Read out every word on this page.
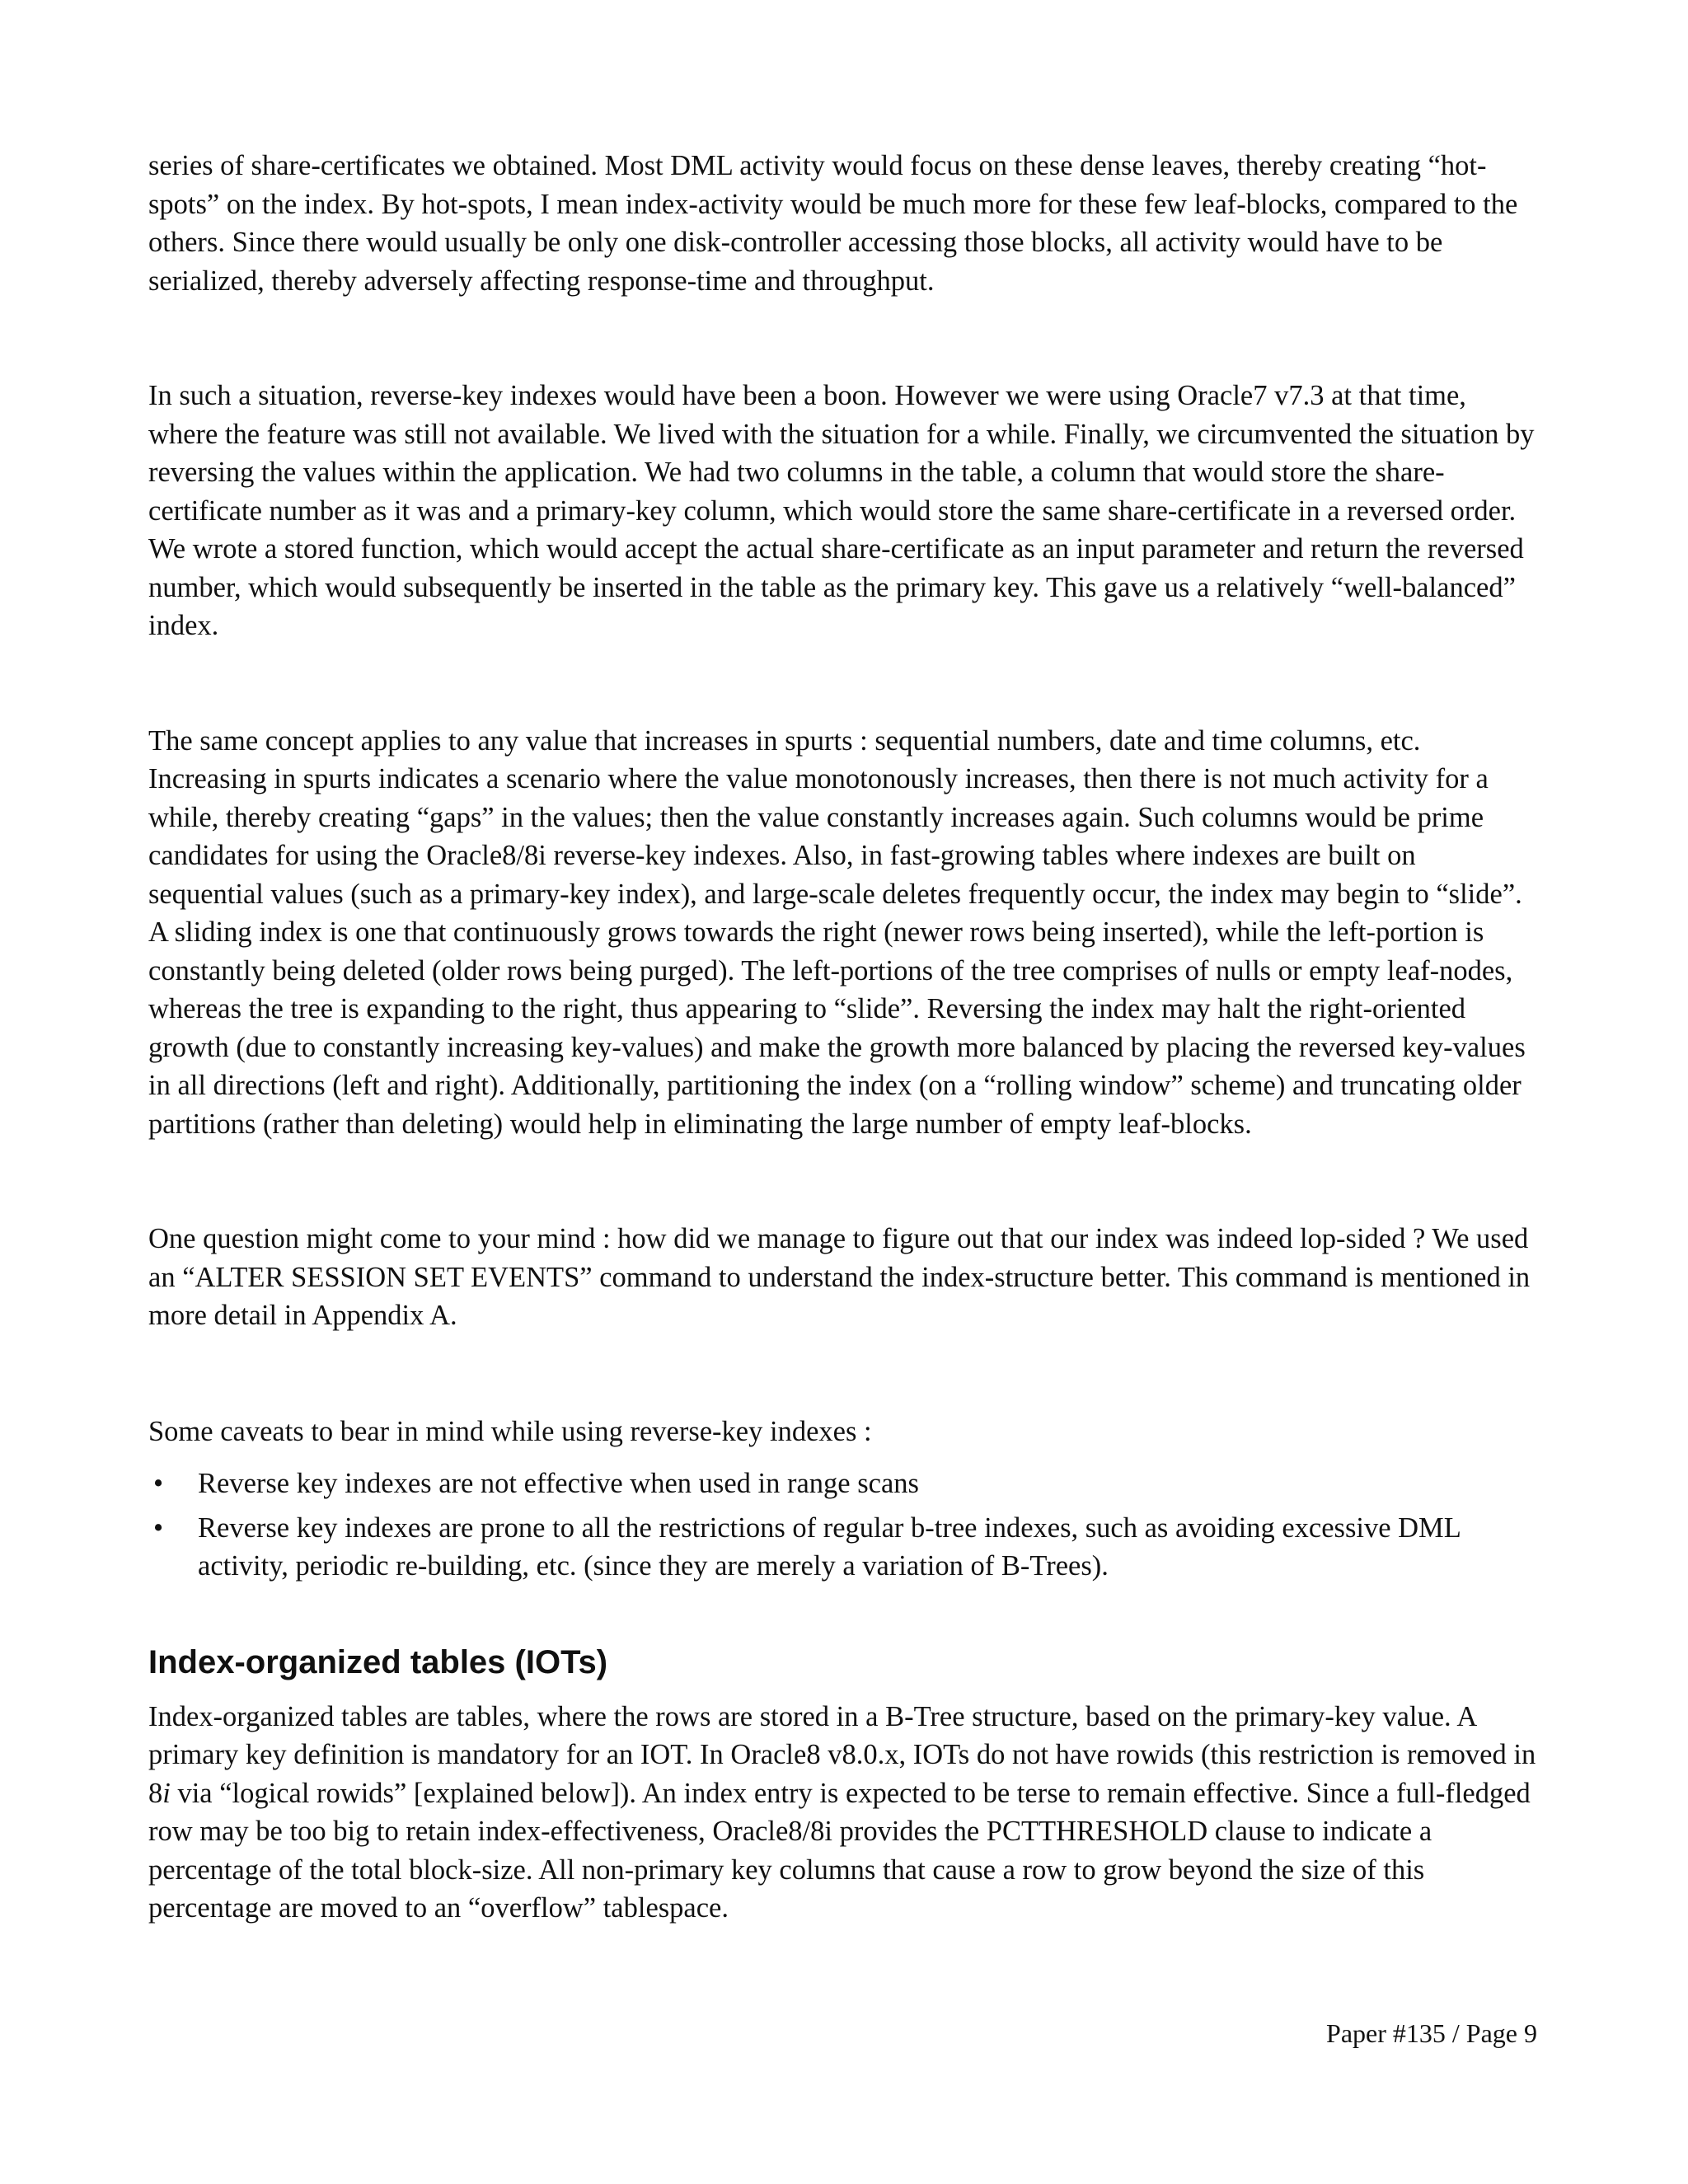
series of share-certificates we obtained. Most DML activity would focus on these dense leaves, thereby creating “hot-spots” on the index. By hot-spots, I mean index-activity would be much more for these few leaf-blocks, compared to the others. Since there would usually be only one disk-controller accessing those blocks, all activity would have to be serialized, thereby adversely affecting response-time and throughput.

In such a situation, reverse-key indexes would have been a boon. However we were using Oracle7 v7.3 at that time, where the feature was still not available. We lived with the situation for a while. Finally, we circumvented the situation by reversing the values within the application. We had two columns in the table, a column that would store the share-certificate number as it was and a primary-key column, which would store the same share-certificate in a reversed order. We wrote a stored function, which would accept the actual share-certificate as an input parameter and return the reversed number, which would subsequently be inserted in the table as the primary key. This gave us a relatively “well-balanced” index.

The same concept applies to any value that increases in spurts : sequential numbers, date and time columns, etc. Increasing in spurts indicates a scenario where the value monotonously increases, then there is not much activity for a while, thereby creating “gaps” in the values; then the value constantly increases again. Such columns would be prime candidates for using the Oracle8/8i reverse-key indexes. Also, in fast-growing tables where indexes are built on sequential values (such as a primary-key index), and large-scale deletes frequently occur, the index may begin to “slide”. A sliding index is one that continuously grows towards the right (newer rows being inserted), while the left-portion is constantly being deleted (older rows being purged). The left-portions of the tree comprises of nulls or empty leaf-nodes, whereas the tree is expanding to the right, thus appearing to “slide”. Reversing the index may halt the right-oriented growth (due to constantly increasing key-values) and make the growth more balanced by placing the reversed key-values in all directions (left and right). Additionally, partitioning the index (on a “rolling window” scheme) and truncating older partitions (rather than deleting) would help in eliminating the large number of empty leaf-blocks.

One question might come to your mind : how did we manage to figure out that our index was indeed lop-sided ? We used an “ALTER SESSION SET EVENTS” command to understand the index-structure better. This command is mentioned in more detail in Appendix A.

Some caveats to bear in mind while using reverse-key indexes :

• Reverse key indexes are not effective when used in range scans
• Reverse key indexes are prone to all the restrictions of regular b-tree indexes, such as avoiding excessive DML activity, periodic re-building, etc. (since they are merely a variation of B-Trees).
Index-organized tables (IOTs)

Index-organized tables are tables, where the rows are stored in a B-Tree structure, based on the primary-key value. A primary key definition is mandatory for an IOT. In Oracle8 v8.0.x, IOTs do not have rowids (this restriction is removed in 8i via “logical rowids” [explained below]). An index entry is expected to be terse to remain effective. Since a full-fledged row may be too big to retain index-effectiveness, Oracle8/8i provides the PCTTHRESHOLD clause to indicate a percentage of the total block-size. All non-primary key columns that cause a row to grow beyond the size of this percentage are moved to an “overflow” tablespace.

Paper #135 / Page 9
